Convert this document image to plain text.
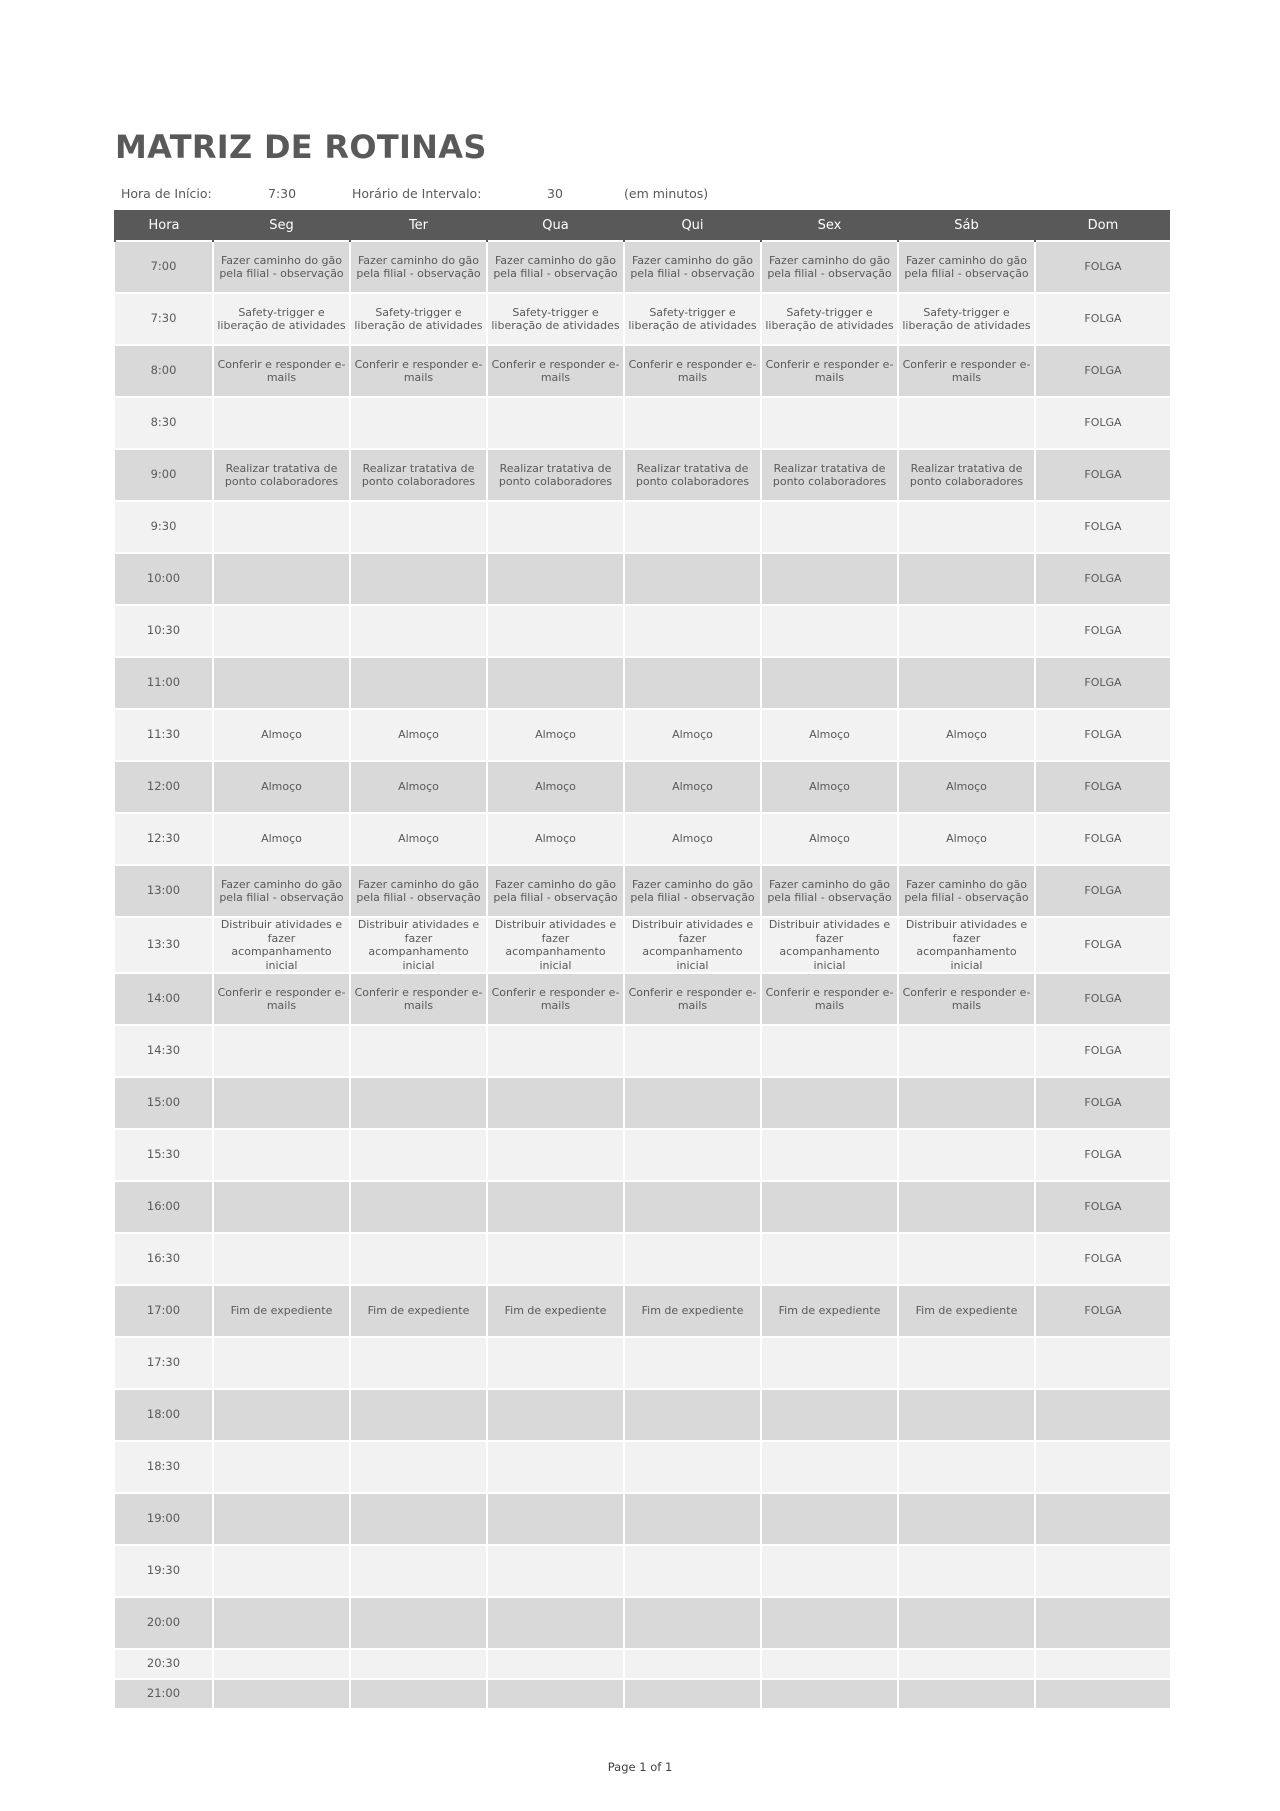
MATRIZ DE ROTINAS
Hora de Início:	7:30	Horário de Intervalo:	30	(em minutos)
Hora	Seg	Ter	Qua	Qui	Sex	Sáb	Dom
7:00	Fazer caminho do gão pela filial - observação	Fazer caminho do gão pela filial - observação	Fazer caminho do gão pela filial - observação	Fazer caminho do gão pela filial - observação	Fazer caminho do gão pela filial - observação	Fazer caminho do gão pela filial - observação	FOLGA
7:30	Safety-trigger e liberação de atividades	Safety-trigger e liberação de atividades	Safety-trigger e liberação de atividades	Safety-trigger e liberação de atividades	Safety-trigger e liberação de atividades	Safety-trigger e liberação de atividades	FOLGA
8:00	Conferir e responder e-mails	Conferir e responder e-mails	Conferir e responder e-mails	Conferir e responder e-mails	Conferir e responder e-mails	Conferir e responder e-mails	FOLGA
8:30							FOLGA
9:00	Realizar tratativa de ponto colaboradores	Realizar tratativa de ponto colaboradores	Realizar tratativa de ponto colaboradores	Realizar tratativa de ponto colaboradores	Realizar tratativa de ponto colaboradores	Realizar tratativa de ponto colaboradores	FOLGA
9:30							FOLGA
10:00							FOLGA
10:30							FOLGA
11:00							FOLGA
11:30	Almoço	Almoço	Almoço	Almoço	Almoço	Almoço	FOLGA
12:00	Almoço	Almoço	Almoço	Almoço	Almoço	Almoço	FOLGA
12:30	Almoço	Almoço	Almoço	Almoço	Almoço	Almoço	FOLGA
13:00	Fazer caminho do gão pela filial - observação	Fazer caminho do gão pela filial - observação	Fazer caminho do gão pela filial - observação	Fazer caminho do gão pela filial - observação	Fazer caminho do gão pela filial - observação	Fazer caminho do gão pela filial - observação	FOLGA
13:30	Distribuir atividades e fazer acompanhamento inicial	Distribuir atividades e fazer acompanhamento inicial	Distribuir atividades e fazer acompanhamento inicial	Distribuir atividades e fazer acompanhamento inicial	Distribuir atividades e fazer acompanhamento inicial	Distribuir atividades e fazer acompanhamento inicial	FOLGA
14:00	Conferir e responder e-mails	Conferir e responder e-mails	Conferir e responder e-mails	Conferir e responder e-mails	Conferir e responder e-mails	Conferir e responder e-mails	FOLGA
14:30							FOLGA
15:00							FOLGA
15:30							FOLGA
16:00							FOLGA
16:30							FOLGA
17:00	Fim de expediente	Fim de expediente	Fim de expediente	Fim de expediente	Fim de expediente	Fim de expediente	FOLGA
17:30							
18:00							
18:30							
19:00							
19:30							
20:00							
20:30							
21:00							
Page 1 of 1
